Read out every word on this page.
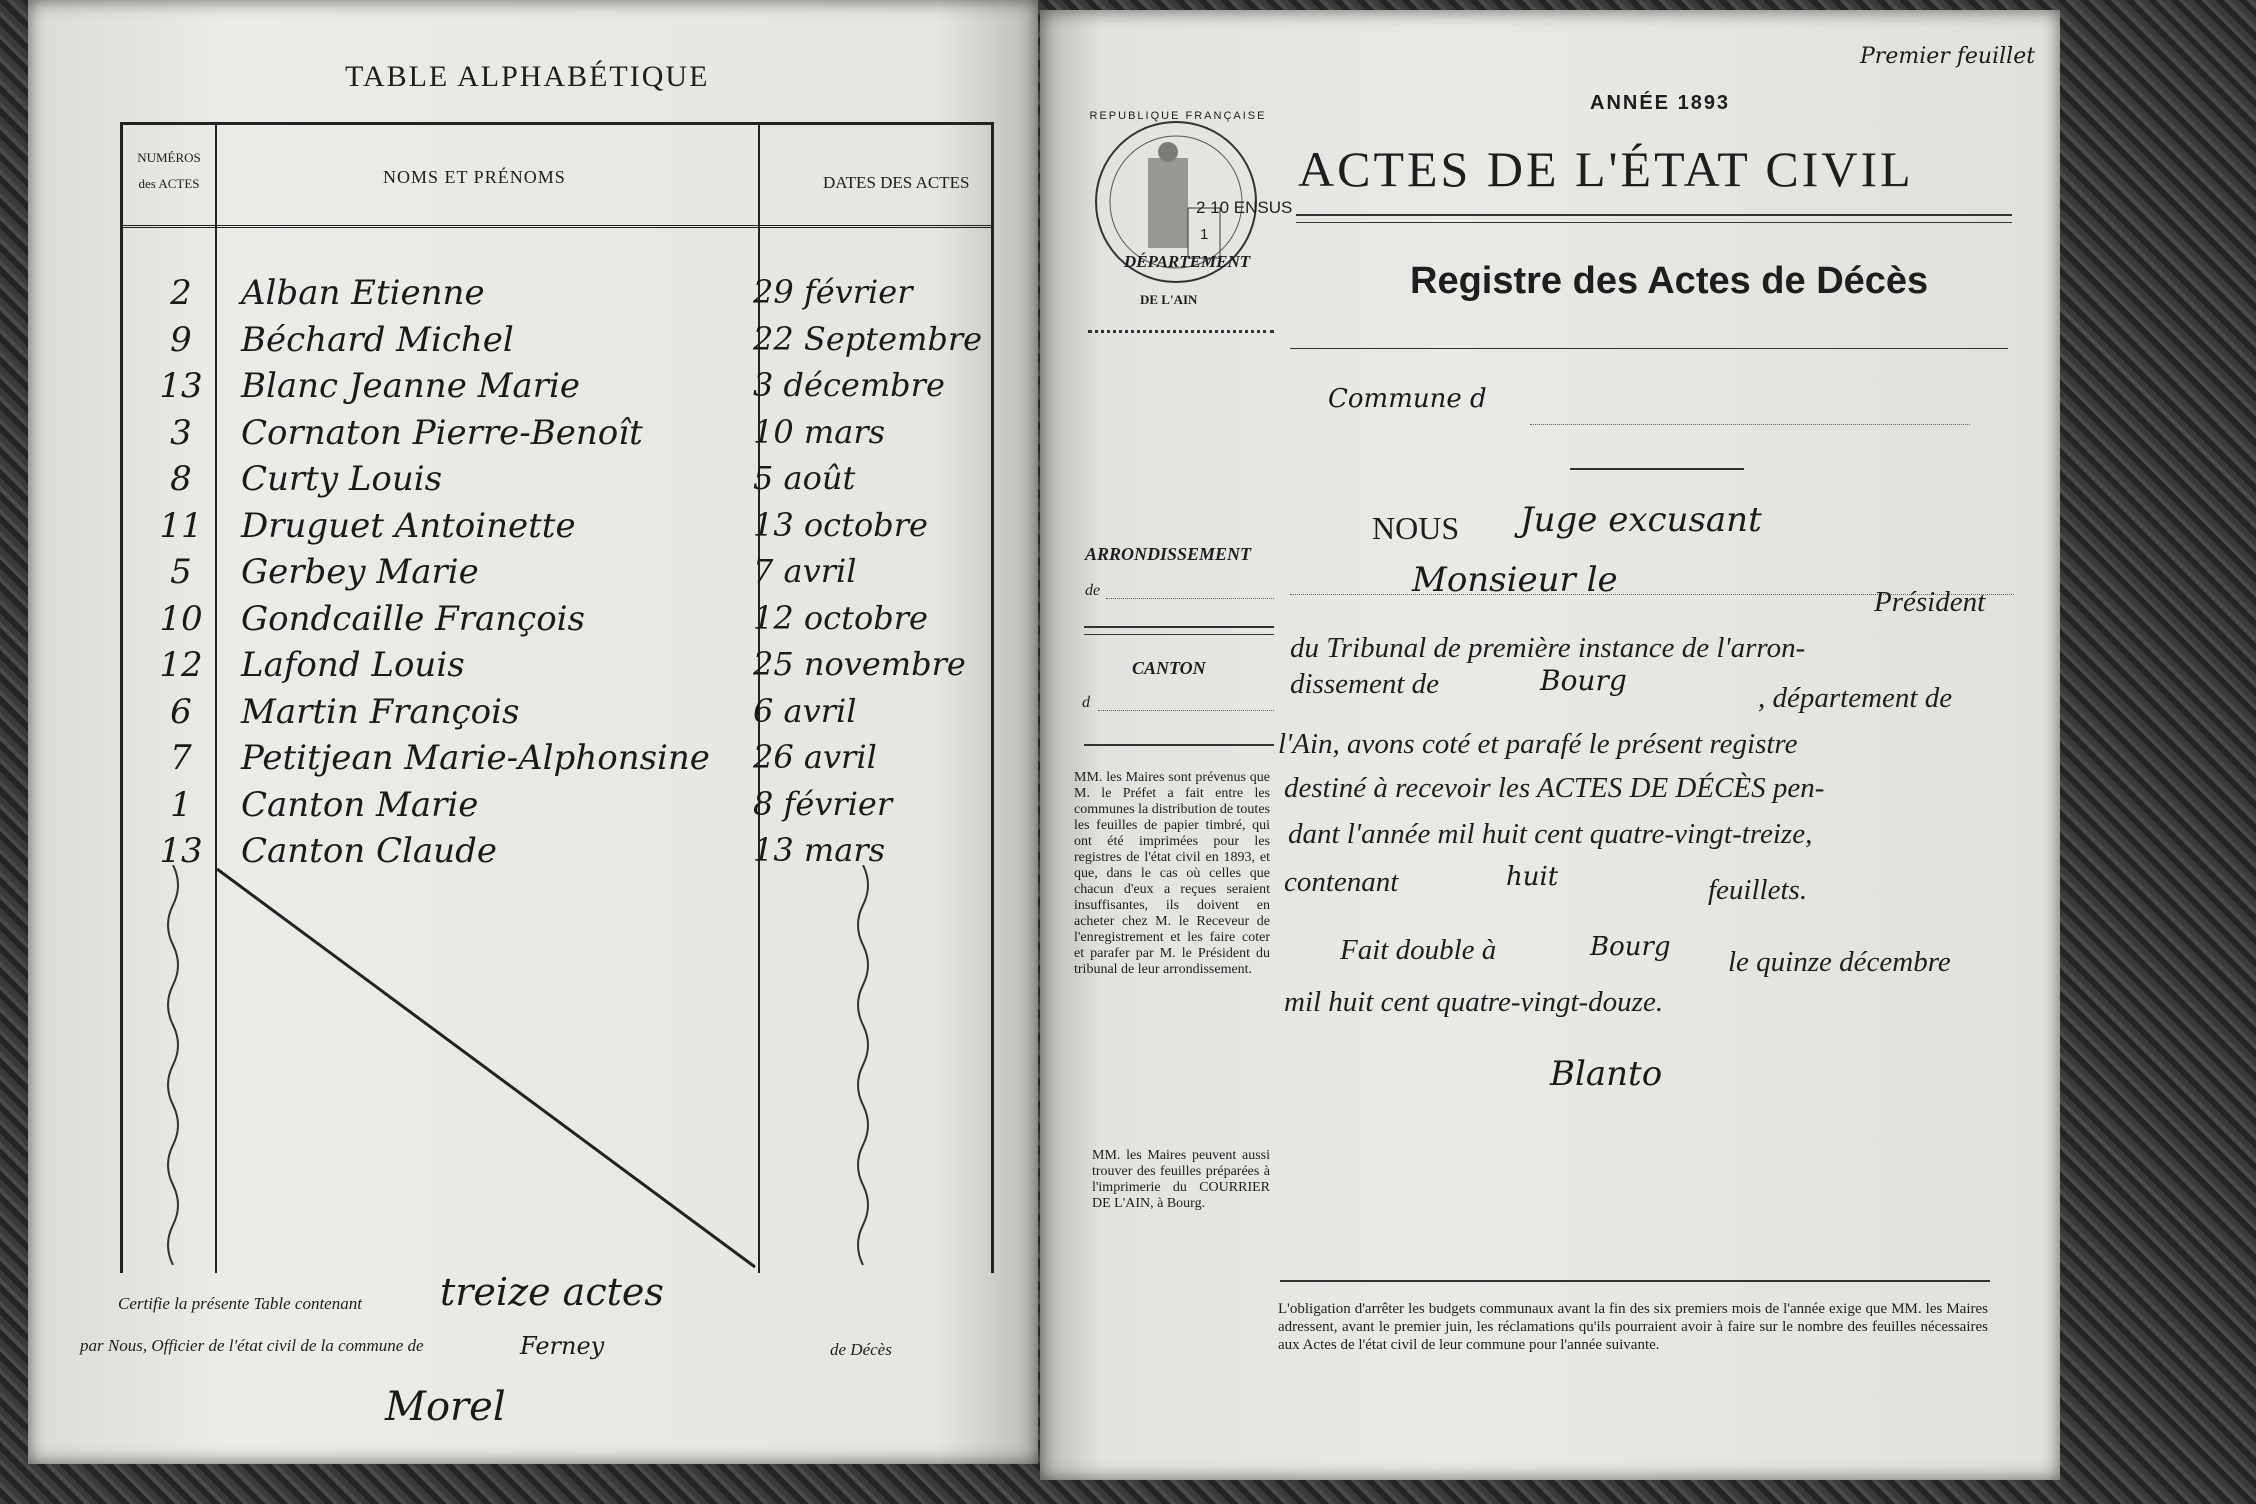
TABLE ALPHABÉTIQUE
NUMÉROS des ACTES	NOMS ET PRÉNOMS	DATES DES ACTES
2	Alban Etienne	29 février
9	Béchard Michel	22 Septembre
13 Blanc Jeanne Marie	3 décembre
3	Cornaton Pierre-Benoît	10 mars
8	Curty Louis	5 août
11 Druguet Antoinette	13 octobre
5	Gerbey Marie	7 avril
10 Gondcaille François	12 octobre
12 Lafond Louis	25 novembre
6	Martin François	6 avril
7	Petitjean Marie-Alphonsine 26 avril
1	Canton Marie	8 février
13 Canton Claude	13 mars
Certifie la présente Table contenant treize actes
par Nous, Officier de l'état civil de la commune de	Ferney	de Décès
Morel
Premier feuillet
ANNÉE 1893
ACTES DE L'ÉTAT CIVIL
Registre des Actes de Décès
2 10 ENSUS
1
REPUBLIQUE FRANÇAISE
DÉPARTEMENT
DE L'AIN
Commune d
ARRONDISSEMENT
de
CANTON
d
MM. les Maires sont prévenus que M. le Préfet a fait entre les communes la distribution de toutes les feuilles de papier timbré, qui ont été imprimées pour les registres de l'état civil en 1893, et que, dans le cas où celles que chacun d'eux a reçues seraient insuffisantes, ils doivent en acheter chez M. le Receveur de l'enregistrement et les faire coter et parafer par M. le Président du tribunal de leur arrondissement.
MM. les Maires peuvent aussi trouver des feuilles préparées à l'imprimerie du COURRIER DE L'AIN, à Bourg.
NOUS Juge excusant
Monsieur le
Président
du Tribunal de première instance de l'arron-
dissement de	Bourg
, département de
l'Ain, avons coté et parafé le présent registre
destiné à recevoir les ACTES DE DÉCÈS pen-
dant l'année mil huit cent quatre-vingt-treize,
contenant	huit	feuillets.
Fait double à	Bourg le quinze décembre
mil huit cent quatre-vingt-douze.
Blanto
L'obligation d'arrêter les budgets communaux avant la fin des six premiers mois de l'année exige que MM. les Maires adressent, avant le premier juin, les réclamations qu'ils pourraient avoir à faire sur le nombre des feuilles nécessaires aux Actes de l'état civil de leur commune pour l'année suivante.
